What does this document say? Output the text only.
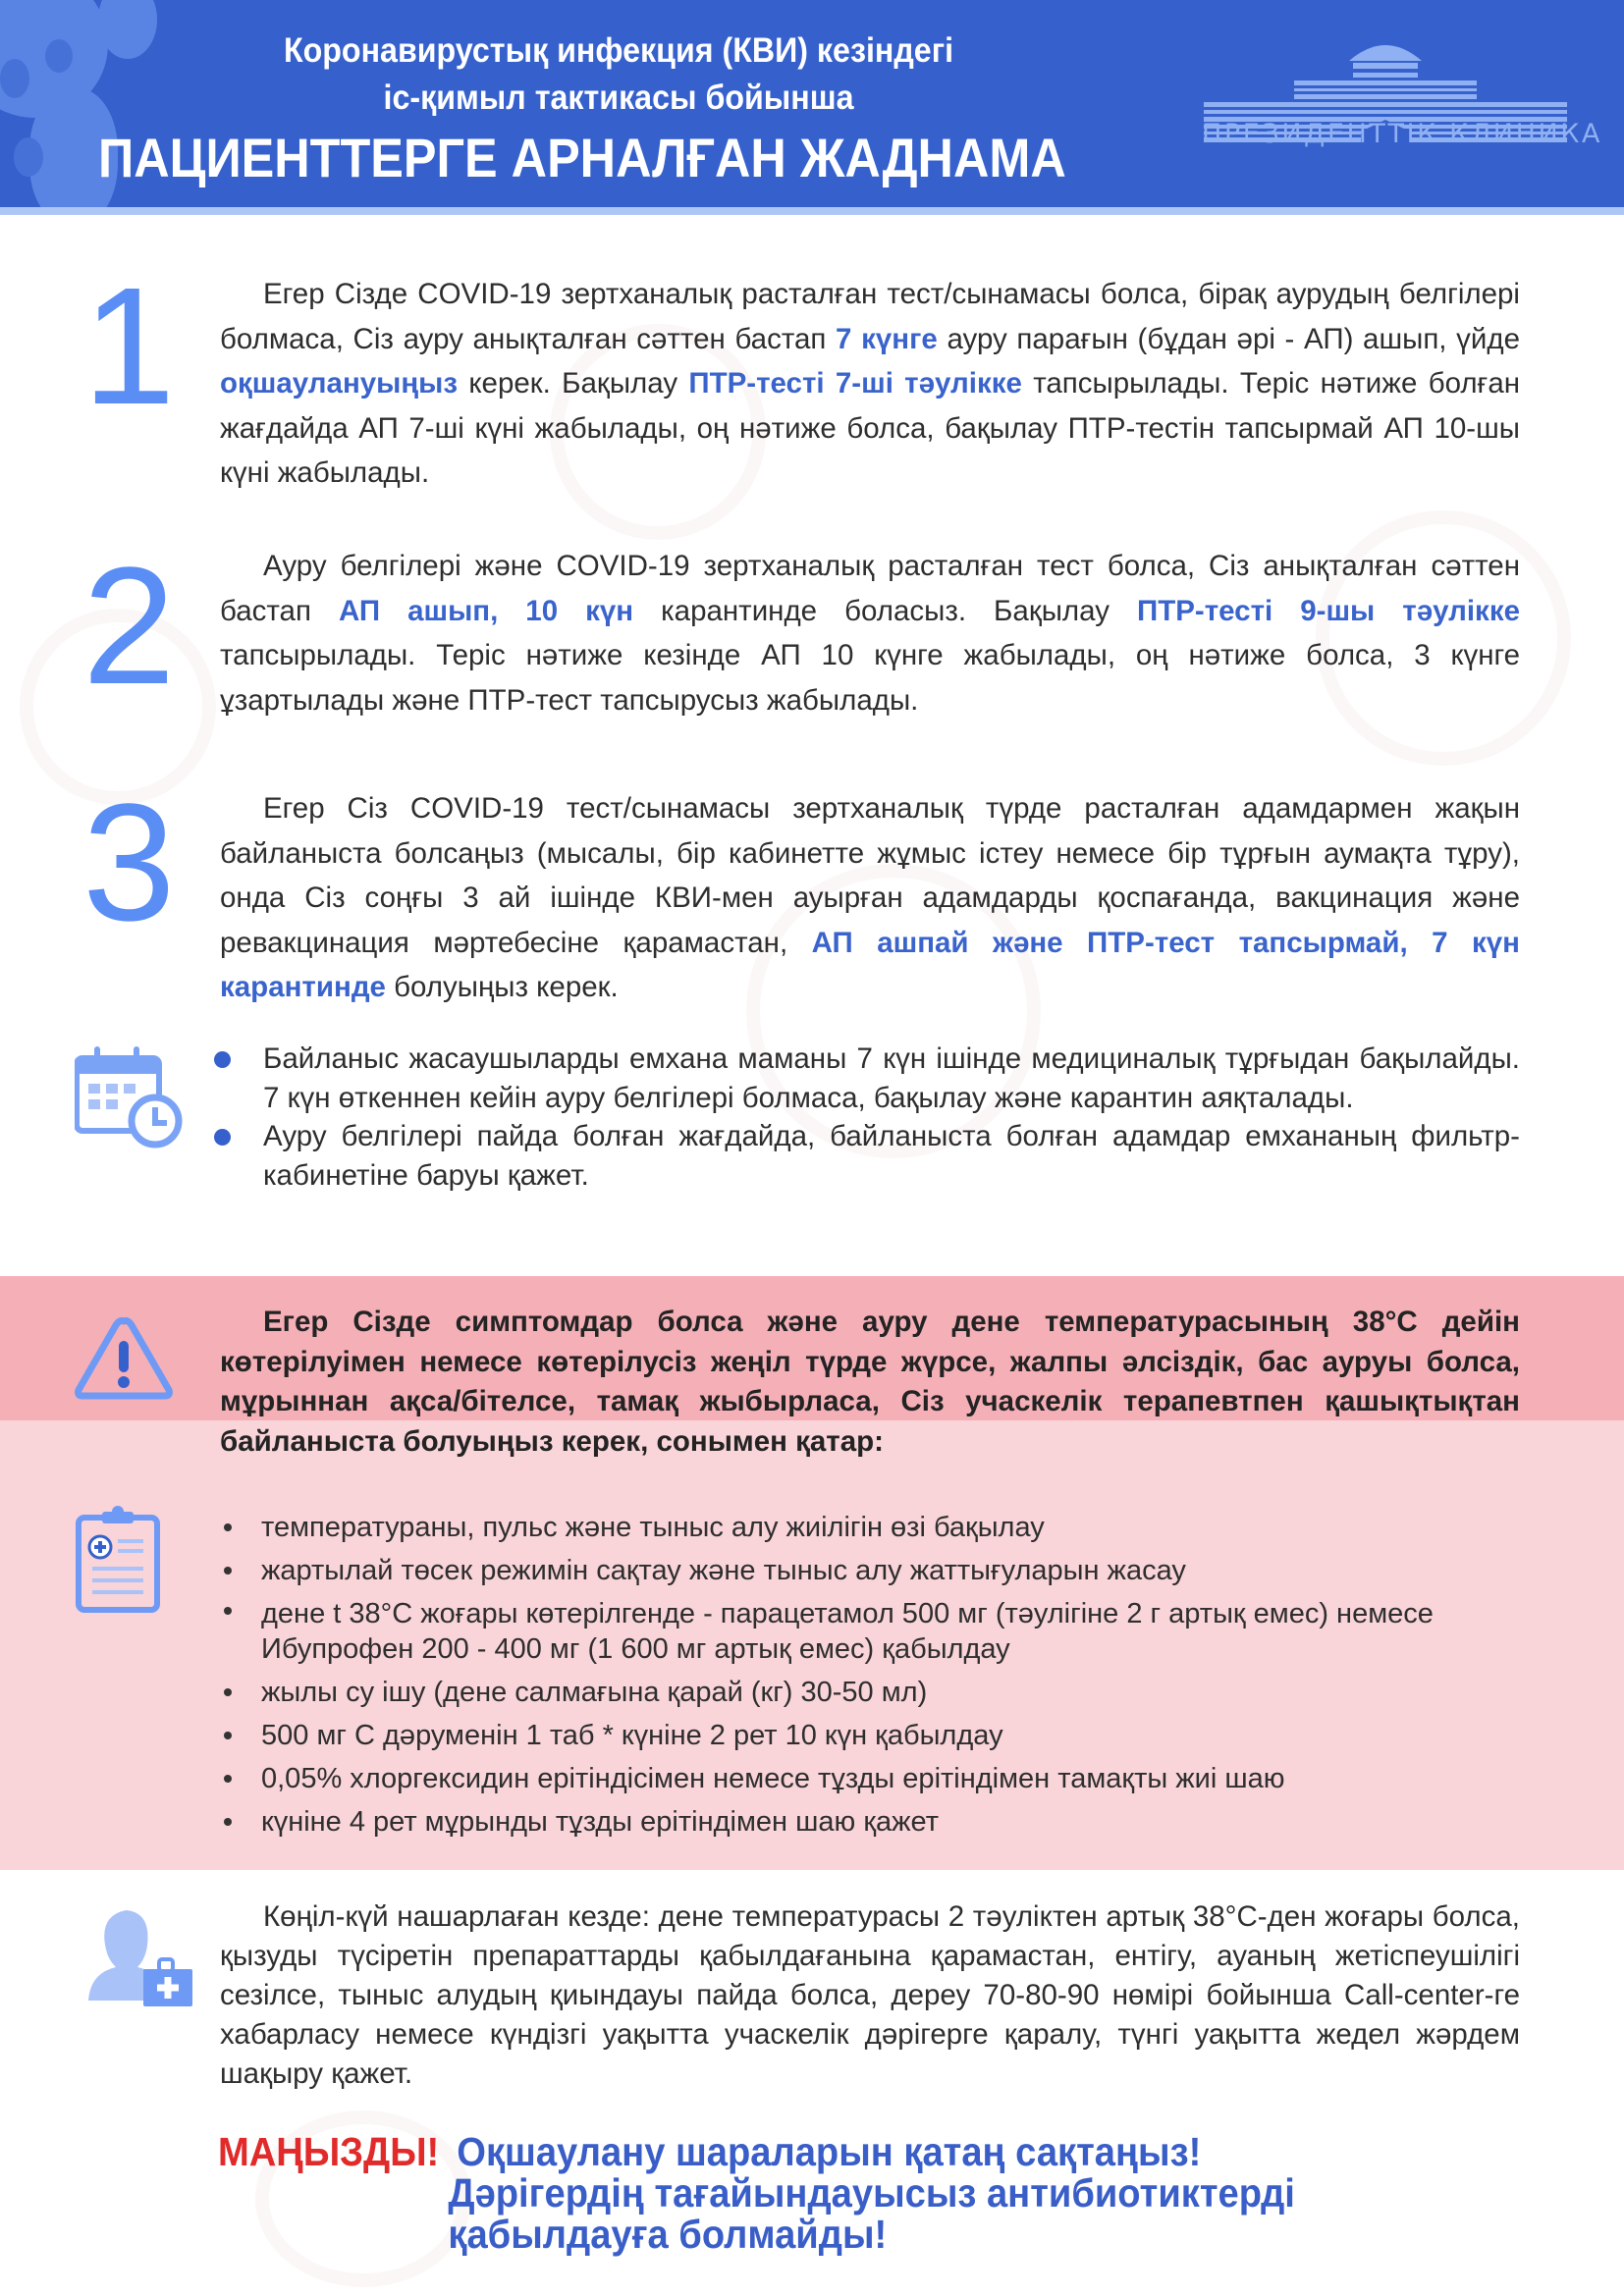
Коронавирустық инфекция (КВИ) кезіндегі
іс-қимыл тактикасы бойынша
ПАЦИЕНТТЕРГЕ АРНАЛҒАН ЖАДНАМА	ПРЕЗИДЕНТТІК КЛИНИКА
1	Егер Сізде COVID-19 зертханалық расталған тест/сынамасы болса, бірақ аурудың белгілері болмаса, Сіз ауру анықталған сәттен бастап 7 күнге ауру парағын (бұдан әрі - АП) ашып, үйде оқшаулануыңыз керек. Бақылау ПТР-тесті 7-ші тәулікке тапсырылады. Теріс нәтиже болған жағдайда АП 7-ші күні жабылады, оң нәтиже болса, бақылау ПТР-тестін тапсырмай АП 10-шы күні жабылады.

2	Ауру белгілері және COVID-19 зертханалық расталған тест болса, Сіз анықталған сәттен бастап АП ашып, 10 күн карантинде боласыз. Бақылау ПТР-тесті 9-шы тәулікке тапсырылады. Теріс нәтиже кезінде АП 10 күнге жабылады, оң нәтиже болса, 3 күнге ұзартылады және ПТР-тест тапсырусыз жабылады.

3	Егер Сіз COVID-19 тест/сынамасы зертханалық түрде расталған адамдармен жақын байланыста болсаңыз (мысалы, бір кабинетте жұмыс істеу немесе бір тұрғын аумақта тұру), онда Сіз соңғы 3 ай ішінде КВИ-мен ауырған адамдарды қоспағанда, вакцинация және ревакцинация мәртебесіне қарамастан, АП ашпай және ПТР-тест тапсырмай, 7 күн карантинде болуыңыз керек.

Байланыс жасаушыларды емхана маманы 7 күн ішінде медициналық тұрғыдан бақылайды. 7 күн өткеннен кейін ауру белгілері болмаса, бақылау және карантин аяқталады.
Ауру белгілері пайда болған жағдайда, байланыста болған адамдар емхананың фильтр-кабинетіне баруы қажет.
Егер Сізде симптомдар болса және ауру дене температурасының 38°С дейін көтерілуімен немесе көтерілусіз жеңіл түрде жүрсе, жалпы әлсіздік, бас ауруы болса, мұрыннан ақса/бітелсе, тамақ жыбырласа, Сіз учаскелік терапевтпен қашықтықтан байланыста болуыңыз керек, сонымен қатар:
температураны, пульс және тыныс алу жиілігін өзі бақылау
жартылай төсек режимін сақтау және тыныс алу жаттығуларын жасау
дене t 38°С жоғары көтерілгенде - парацетамол 500 мг (тәулігіне 2 г артық емес) немесе Ибупрофен 200 - 400 мг (1 600 мг артық емес) қабылдау
жылы су ішу (дене салмағына қарай (кг) 30-50 мл)
500 мг С дәруменін 1 таб * күніне 2 рет 10 күн қабылдау
0,05% хлоргексидин ерітіндісімен немесе тұзды ерітіндімен тамақты жиі шаю
күніне 4 рет мұрынды тұзды ерітіндімен шаю қажет

Көңіл-күй нашарлаған кезде: дене температурасы 2 тәуліктен артық 38°С-ден жоғары болса, қызуды түсіретін препараттарды қабылдағанына қарамастан, ентігу, ауаның жетіспеушілігі сезілсе, тыныс алудың қиындауы пайда болса, дереу 70-80-90 нөмірі бойынша Call-center-ге хабарласу немесе күндізгі уақытта учаскелік дәрігерге қаралу, түнгі уақытта жедел жәрдем шақыру қажет.

МАҢЫЗДЫ! Оқшаулану шараларын қатаң сақтаңыз!
Дәрігердің тағайындауысыз антибиотиктерді
қабылдауға болмайды!
